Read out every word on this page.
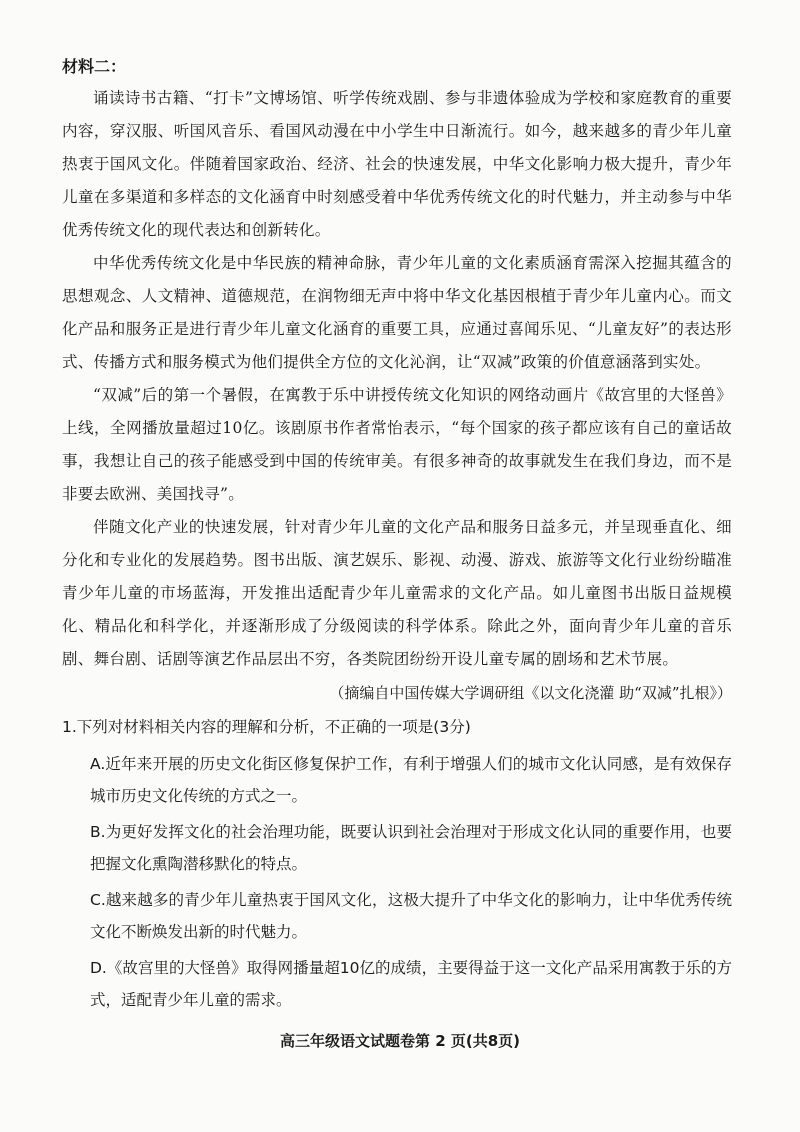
材料二：

诵读诗书古籍、“打卡”文博场馆、听学传统戏剧、参与非遗体验成为学校和家庭教育的重要内容，穿汉服、听国风音乐、看国风动漫在中小学生中日渐流行。如今，越来越多的青少年儿童热衷于国风文化。伴随着国家政治、经济、社会的快速发展，中华文化影响力极大提升，青少年儿童在多渠道和多样态的文化涵育中时刻感受着中华优秀传统文化的时代魅力，并主动参与中华优秀传统文化的现代表达和创新转化。

中华优秀传统文化是中华民族的精神命脉，青少年儿童的文化素质涵育需深入挖掘其蕴含的思想观念、人文精神、道德规范，在润物细无声中将中华文化基因根植于青少年儿童内心。而文化产品和服务正是进行青少年儿童文化涵育的重要工具，应通过喜闻乐见、“儿童友好”的表达形式、传播方式和服务模式为他们提供全方位的文化沁润，让“双减”政策的价值意涵落到实处。

“双减”后的第一个暑假，在寓教于乐中讲授传统文化知识的网络动画片《故宫里的大怪兽》上线，全网播放量超过10亿。该剧原书作者常怡表示，“每个国家的孩子都应该有自己的童话故事，我想让自己的孩子能感受到中国的传统审美。有很多神奇的故事就发生在我们身边，而不是非要去欧洲、美国找寻”。

伴随文化产业的快速发展，针对青少年儿童的文化产品和服务日益多元，并呈现垂直化、细分化和专业化的发展趋势。图书出版、演艺娱乐、影视、动漫、游戏、旅游等文化行业纷纷瞄准青少年儿童的市场蓝海，开发推出适配青少年儿童需求的文化产品。如儿童图书出版日益规模化、精品化和科学化，并逐渐形成了分级阅读的科学体系。除此之外，面向青少年儿童的音乐剧、舞台剧、话剧等演艺作品层出不穷，各类院团纷纷开设儿童专属的剧场和艺术节展。

（摘编自中国传媒大学调研组《以文化浇灌 助“双减”扎根》）
1.下列对材料相关内容的理解和分析，不正确的一项是(3分)
A.近年来开展的历史文化街区修复保护工作，有利于增强人们的城市文化认同感，是有效保存城市历史文化传统的方式之一。
B.为更好发挥文化的社会治理功能，既要认识到社会治理对于形成文化认同的重要作用，也要把握文化熏陶潜移默化的特点。
C.越来越多的青少年儿童热衷于国风文化，这极大提升了中华文化的影响力，让中华优秀传统文化不断焕发出新的时代魅力。
D.《故宫里的大怪兽》取得网播量超10亿的成绩，主要得益于这一文化产品采用寓教于乐的方式，适配青少年儿童的需求。
高三年级语文试题卷第 2 页(共8页)
